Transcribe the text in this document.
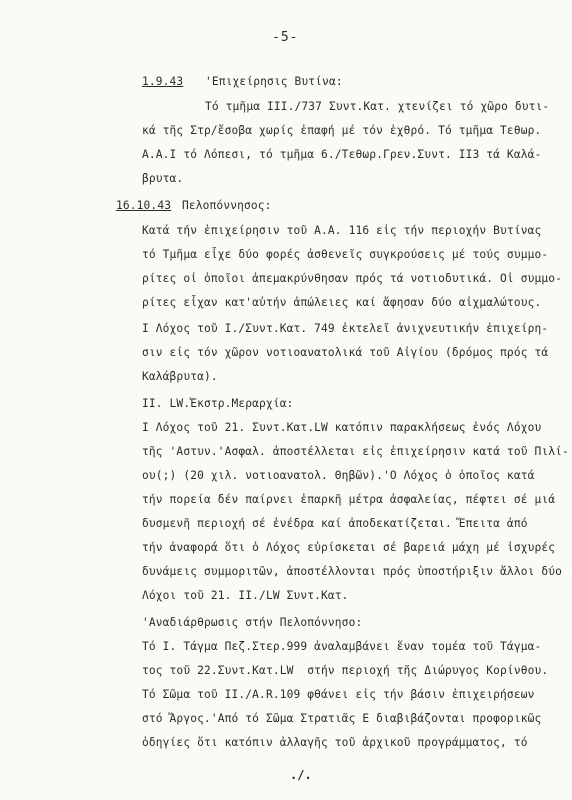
-5-
1.9.43 'Επιχείρησις Βυτίνα:
Τό τμῆμα ΙΙΙ./737 Συντ.Κατ. χτενίζει τό χῶρο δυτι-
κά τῆς Στρ/ἔσοβα χωρίς ἐπαφή μέ τόν ἐχθρό. Τό τμῆμα Τεθωρ.
Α.Α.Ι τό Λόπεσι, τό τμῆμα 6./Τεθωρ.Γρεν.Συντ. ΙΙ3 τά Καλά-
βρυτα.
16.10.43 Πελοπόννησος:
Κατά τήν ἐπιχείρησιν τοῦ Α.Α. 116 εἰς τήν περιοχήν Βυτίνας
τό Τμῆμα εἶχε δύο φορές ἀσθενεῖς συγκρούσεις μέ τούς συμμο-
ρίτες οἱ ὁποῖοι ἀπεμακρύνθησαν πρός τά νοτιοδυτικά. Οἱ συμμο-
ρίτες εἶχαν κατ'αὐτήν ἀπώλειες καί ἄφησαν δύο αἰχμαλώτους.
Ι Λόχος τοῦ Ι./Συντ.Κατ. 749 ἐκτελεῖ ἀνιχνευτικήν ἐπιχείρη-
σιν εἰς τόν χῶρον νοτιοανατολικά τοῦ Αἰγίου (δρόμος πρός τά
Καλάβρυτα).
ΙΙ. LW.Ἐκστρ.Μεραρχία:
Ι Λόχος τοῦ 21. Συντ.Κατ.LW κατόπιν παρακλήσεως ἑνός Λόχου
τῆς 'Αστυν.'Ασφαλ. ἀποστέλλεται εἰς ἐπιχείρησιν κατά τοῦ Πιλί-
ου(;) (20 χιλ. νοτιοανατολ. Θηβῶν).'Ο Λόχος ὁ ὁποῖος κατά
τήν πορεία δέν παίρνει ἐπαρκῆ μέτρα ἀσφαλείας, πέφτει σέ μιά
δυσμενῆ περιοχή σέ ἐνέδρα καί ἀποδεκατίζεται. Ἔπειτα ἀπό
τήν ἀναφορά ὅτι ὁ Λόχος εὑρίσκεται σέ βαρειά μάχη μέ ἰσχυρές
δυνάμεις συμμοριτῶν, ἀποστέλλονται πρός ὑποστήριξιν ἄλλοι δύο
Λόχοι τοῦ 21. ΙΙ./LW Συντ.Κατ.
'Αναδιάρθρωσις στήν Πελοπόννησο:
Τό Ι. Τάγμα Πεζ.Στερ.999 ἀναλαμβάνει ἕναν τομέα τοῦ Τάγμα-
τος τοῦ 22.Συντ.Κατ.LW  στήν περιοχή τῆς Διώρυγος Κορίνθου.
Τό Σῶμα τοῦ ΙΙ./Α.R.109 φθάνει εἰς τήν βάσιν ἐπιχειρήσεων
στό Ἄργος.'Από τό Σῶμα Στρατιᾶς Ε διαβιβάζονται προφορικῶς
ὁδηγίες ὅτι κατόπιν ἀλλαγῆς τοῦ ἀρχικοῦ προγράμματος, τό
./.
